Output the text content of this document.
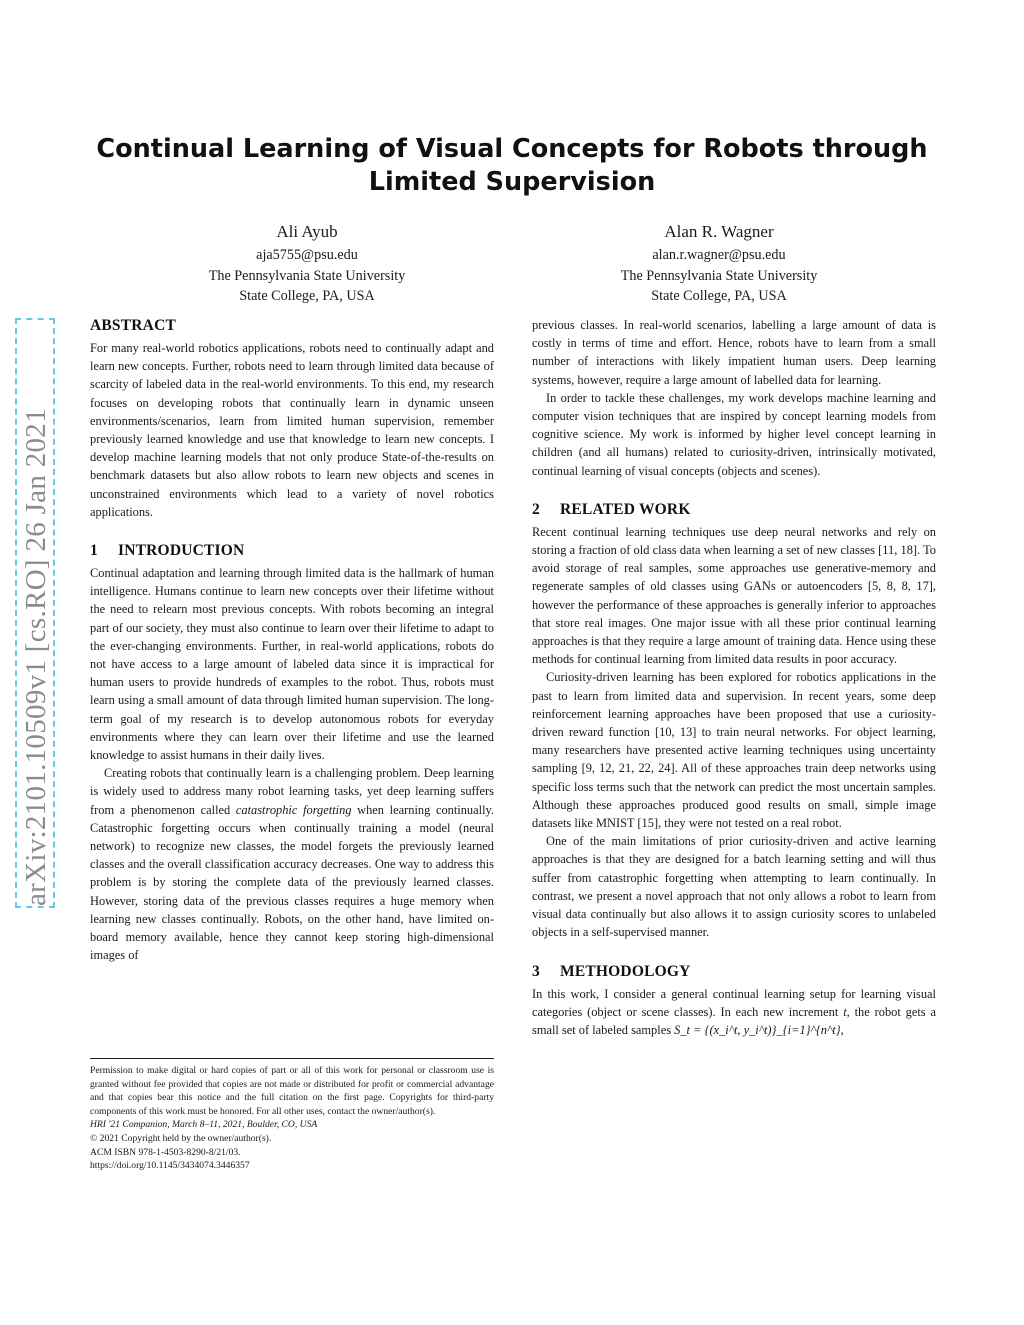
Continual Learning of Visual Concepts for Robots through
Limited Supervision
Ali Ayub
aja5755@psu.edu
The Pennsylvania State University
State College, PA, USA
Alan R. Wagner
alan.r.wagner@psu.edu
The Pennsylvania State University
State College, PA, USA
arXiv:2101.10509v1 [cs.RO] 26 Jan 2021
ABSTRACT

For many real-world robotics applications, robots need to continually adapt and learn new concepts. Further, robots need to learn through limited data because of scarcity of labeled data in the real-world environments. To this end, my research focuses on developing robots that continually learn in dynamic unseen environments/scenarios, learn from limited human supervision, remember previously learned knowledge and use that knowledge to learn new concepts. I develop machine learning models that not only produce State-of-the-results on benchmark datasets but also allow robots to learn new objects and scenes in unconstrained environments which lead to a variety of novel robotics applications.

1 INTRODUCTION

Continual adaptation and learning through limited data is the hallmark of human intelligence. Humans continue to learn new concepts over their lifetime without the need to relearn most previous concepts. With robots becoming an integral part of our society, they must also continue to learn over their lifetime to adapt to the ever-changing environments. Further, in real-world applications, robots do not have access to a large amount of labeled data since it is impractical for human users to provide hundreds of examples to the robot. Thus, robots must learn using a small amount of data through limited human supervision. The long-term goal of my research is to develop autonomous robots for everyday environments where they can learn over their lifetime and use the learned knowledge to assist humans in their daily lives.

Creating robots that continually learn is a challenging problem. Deep learning is widely used to address many robot learning tasks, yet deep learning suffers from a phenomenon called catastrophic forgetting when learning continually. Catastrophic forgetting occurs when continually training a model (neural network) to recognize new classes, the model forgets the previously learned classes and the overall classification accuracy decreases. One way to address this problem is by storing the complete data of the previously learned classes. However, storing data of the previous classes requires a huge memory when learning new classes continually. Robots, on the other hand, have limited on-board memory available, hence they cannot keep storing high-dimensional images of

Permission to make digital or hard copies of part or all of this work for personal or classroom use is granted without fee provided that copies are not made or distributed for profit or commercial advantage and that copies bear this notice and the full citation on the first page. Copyrights for third-party components of this work must be honored. For all other uses, contact the owner/author(s).

HRI '21 Companion, March 8–11, 2021, Boulder, CO, USA

© 2021 Copyright held by the owner/author(s).

ACM ISBN 978-1-4503-8290-8/21/03.

https://doi.org/10.1145/3434074.3446357

previous classes. In real-world scenarios, labelling a large amount of data is costly in terms of time and effort. Hence, robots have to learn from a small number of interactions with likely impatient human users. Deep learning systems, however, require a large amount of labelled data for learning.

In order to tackle these challenges, my work develops machine learning and computer vision techniques that are inspired by concept learning models from cognitive science. My work is informed by higher level concept learning in children (and all humans) related to curiosity-driven, intrinsically motivated, continual learning of visual concepts (objects and scenes).

2 RELATED WORK

Recent continual learning techniques use deep neural networks and rely on storing a fraction of old class data when learning a set of new classes [11, 18]. To avoid storage of real samples, some approaches use generative-memory and regenerate samples of old classes using GANs or autoencoders [5, 8, 8, 17], however the performance of these approaches is generally inferior to approaches that store real images. One major issue with all these prior continual learning approaches is that they require a large amount of training data. Hence using these methods for continual learning from limited data results in poor accuracy.

Curiosity-driven learning has been explored for robotics applications in the past to learn from limited data and supervision. In recent years, some deep reinforcement learning approaches have been proposed that use a curiosity-driven reward function [10, 13] to train neural networks. For object learning, many researchers have presented active learning techniques using uncertainty sampling [9, 12, 21, 22, 24]. All of these approaches train deep networks using specific loss terms such that the network can predict the most uncertain samples. Although these approaches produced good results on small, simple image datasets like MNIST [15], they were not tested on a real robot.

One of the main limitations of prior curiosity-driven and active learning approaches is that they are designed for a batch learning setting and will thus suffer from catastrophic forgetting when attempting to learn continually. In contrast, we present a novel approach that not only allows a robot to learn from visual data continually but also allows it to assign curiosity scores to unlabeled objects in a self-supervised manner.

3 METHODOLOGY

In this work, I consider a general continual learning setup for learning visual categories (object or scene classes). In each new increment t, the robot gets a small set of labeled samples S_t = {(x_i^t, y_i^t)}_{i=1}^{n^t},
